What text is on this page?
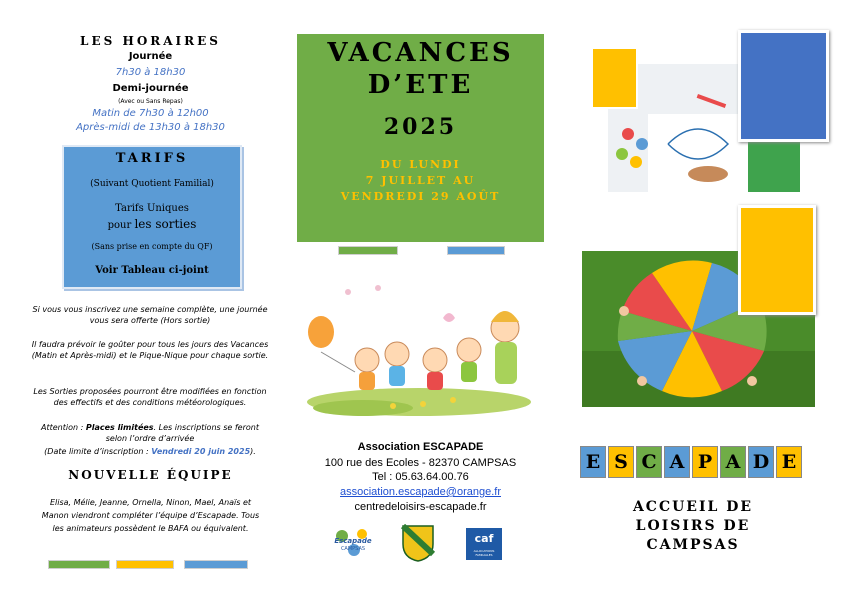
LES HORAIRES
Journée
7h30 à 18h30
Demi-journée
(Avec ou Sans Repas)
Matin de 7h30 à 12h00
Après-midi de 13h30 à 18h30
TARIFS
(Suivant Quotient Familial)
Tarifs Uniques
pour les sorties
(Sans prise en compte du QF)
Voir Tableau ci-joint
Si vous vous inscrivez une semaine complète, une journée vous sera offerte (Hors sortie)
Il faudra prévoir le goûter pour tous les jours des Vacances (Matin et Après-midi) et le Pique-Nique pour chaque sortie.
Les Sorties proposées pourront être modifiées en fonction des effectifs et des conditions météorologiques.
Attention : Places limitées. Les inscriptions se feront selon l’ordre d’arrivée
(Date limite d’inscription : Vendredi 20 juin 2025).
NOUVELLE ÉQUIPE
Elisa, Mélie, Jeanne, Ornella, Ninon, Mael, Anaïs et Manon viendront compléter l’équipe d’Escapade. Tous les animateurs possèdent le BAFA ou équivalent.
VACANCES
D’ETE
2025
DU LUNDI
7 JUILLET AU
VENDREDI 29 AOÛT
Association ESCAPADE
100 rue des Ecoles - 82370 CAMPSAS
Tel : 05.63.64.00.76
association.escapade@orange.fr
centredeloisirs-escapade.fr
Escapade
CAMPSAS
caf
ALLOCATIONS FAMILIALES
E S C A P A D E
ACCUEIL DE
LOISIRS DE
CAMPSAS
